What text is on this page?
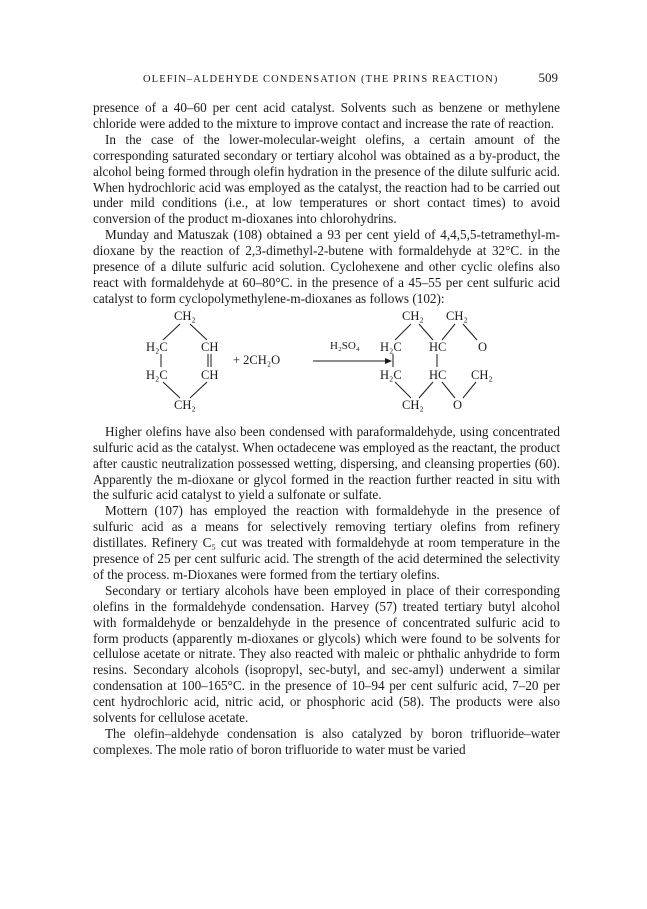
OLEFIN–ALDEHYDE CONDENSATION (THE PRINS REACTION)	509

presence of a 40–60 per cent acid catalyst. Solvents such as benzene or methylene chloride were added to the mixture to improve contact and increase the rate of reaction.

In the case of the lower-molecular-weight olefins, a certain amount of the corresponding saturated secondary or tertiary alcohol was obtained as a by-product, the alcohol being formed through olefin hydration in the presence of the dilute sulfuric acid. When hydrochloric acid was employed as the catalyst, the reaction had to be carried out under mild conditions (i.e., at low temperatures or short contact times) to avoid conversion of the product m-dioxanes into chlorohydrins.

Munday and Matuszak (108) obtained a 93 per cent yield of 4,4,5,5-tetramethyl-m-dioxane by the reaction of 2,3-dimethyl-2-butene with formaldehyde at 32°C. in the presence of a dilute sulfuric acid solution. Cyclohexene and other cyclic olefins also react with formaldehyde at 60–80°C. in the presence of a 45–55 per cent sulfuric acid catalyst to form cyclopolymethylene-m-dioxanes as follows (102):

CH₂
H₂C	CH
H₂C	CH
CH₂
+ 2CH₂O
H₂SO₄
CH₂ CH₂
H₂C HC	O
H₂C HC CH₂
CH₂ O

Higher olefins have also been condensed with paraformaldehyde, using concentrated sulfuric acid as the catalyst. When octadecene was employed as the reactant, the product after caustic neutralization possessed wetting, dispersing, and cleansing properties (60). Apparently the m-dioxane or glycol formed in the reaction further reacted in situ with the sulfuric acid catalyst to yield a sulfonate or sulfate.

Mottern (107) has employed the reaction with formaldehyde in the presence of sulfuric acid as a means for selectively removing tertiary olefins from refinery distillates. Refinery C₅ cut was treated with formaldehyde at room temperature in the presence of 25 per cent sulfuric acid. The strength of the acid determined the selectivity of the process. m-Dioxanes were formed from the tertiary olefins.

Secondary or tertiary alcohols have been employed in place of their corresponding olefins in the formaldehyde condensation. Harvey (57) treated tertiary butyl alcohol with formaldehyde or benzaldehyde in the presence of concentrated sulfuric acid to form products (apparently m-dioxanes or glycols) which were found to be solvents for cellulose acetate or nitrate. They also reacted with maleic or phthalic anhydride to form resins. Secondary alcohols (isopropyl, sec-butyl, and sec-amyl) underwent a similar condensation at 100–165°C. in the presence of 10–94 per cent sulfuric acid, 7–20 per cent hydrochloric acid, nitric acid, or phosphoric acid (58). The products were also solvents for cellulose acetate.

The olefin–aldehyde condensation is also catalyzed by boron trifluoride–water complexes. The mole ratio of boron trifluoride to water must be varied
